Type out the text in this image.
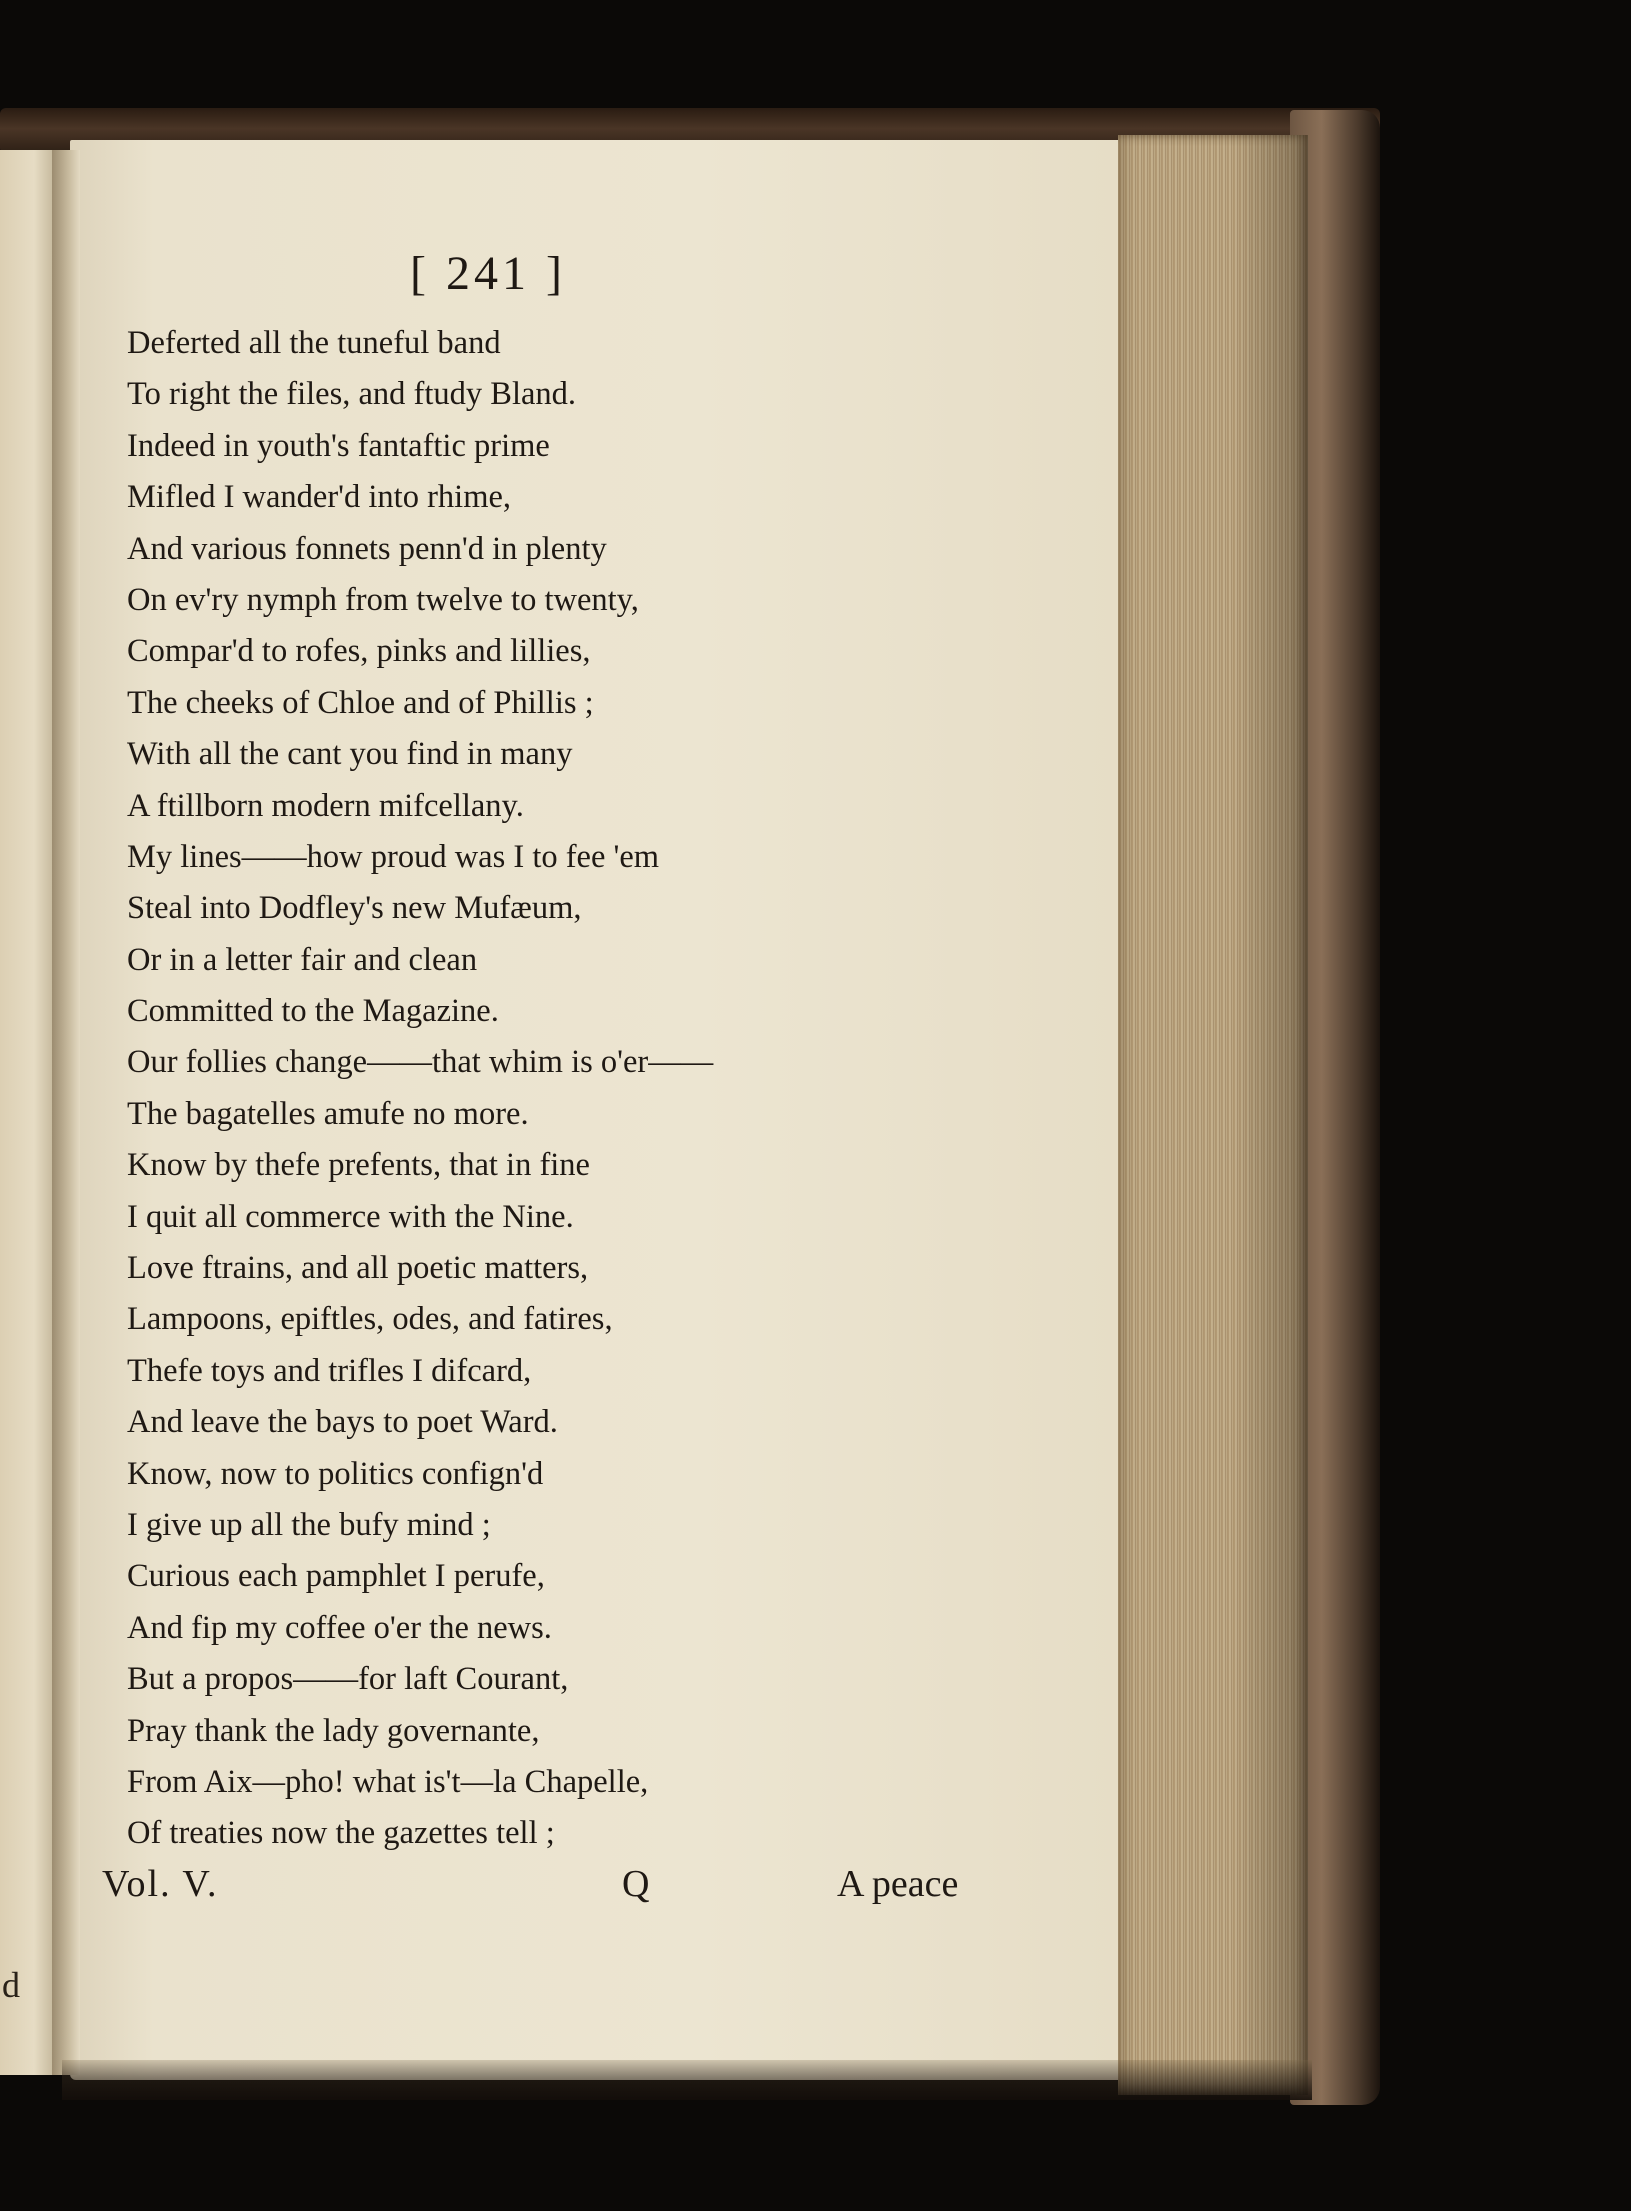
d
[ 241 ]
Deferted all the tuneful band
To right the files, and ftudy Bland.
Indeed in youth's fantaftic prime
Mifled I wander'd into rhime,
And various fonnets penn'd in plenty
On ev'ry nymph from twelve to twenty,
Compar'd to rofes, pinks and lillies,
The cheeks of Chloe and of Phillis ;
With all the cant you find in many
A ftillborn modern mifcellany.
My lines——how proud was I to fee 'em
Steal into Dodfley's new Mufæum,
Or in a letter fair and clean
Committed to the Magazine.
Our follies change——that whim is o'er——
The bagatelles amufe no more.
Know by thefe prefents, that in fine
I quit all commerce with the Nine.
Love ftrains, and all poetic matters,
Lampoons, epiftles, odes, and fatires,
Thefe toys and trifles I difcard,
And leave the bays to poet Ward.
Know, now to politics confign'd
I give up all the bufy mind ;
Curious each pamphlet I perufe,
And fip my coffee o'er the news.
But a propos——for laft Courant,
Pray thank the lady governante,
From Aix—pho! what is't—la Chapelle,
Of treaties now the gazettes tell ;
Vol. V.	Q	A peace
